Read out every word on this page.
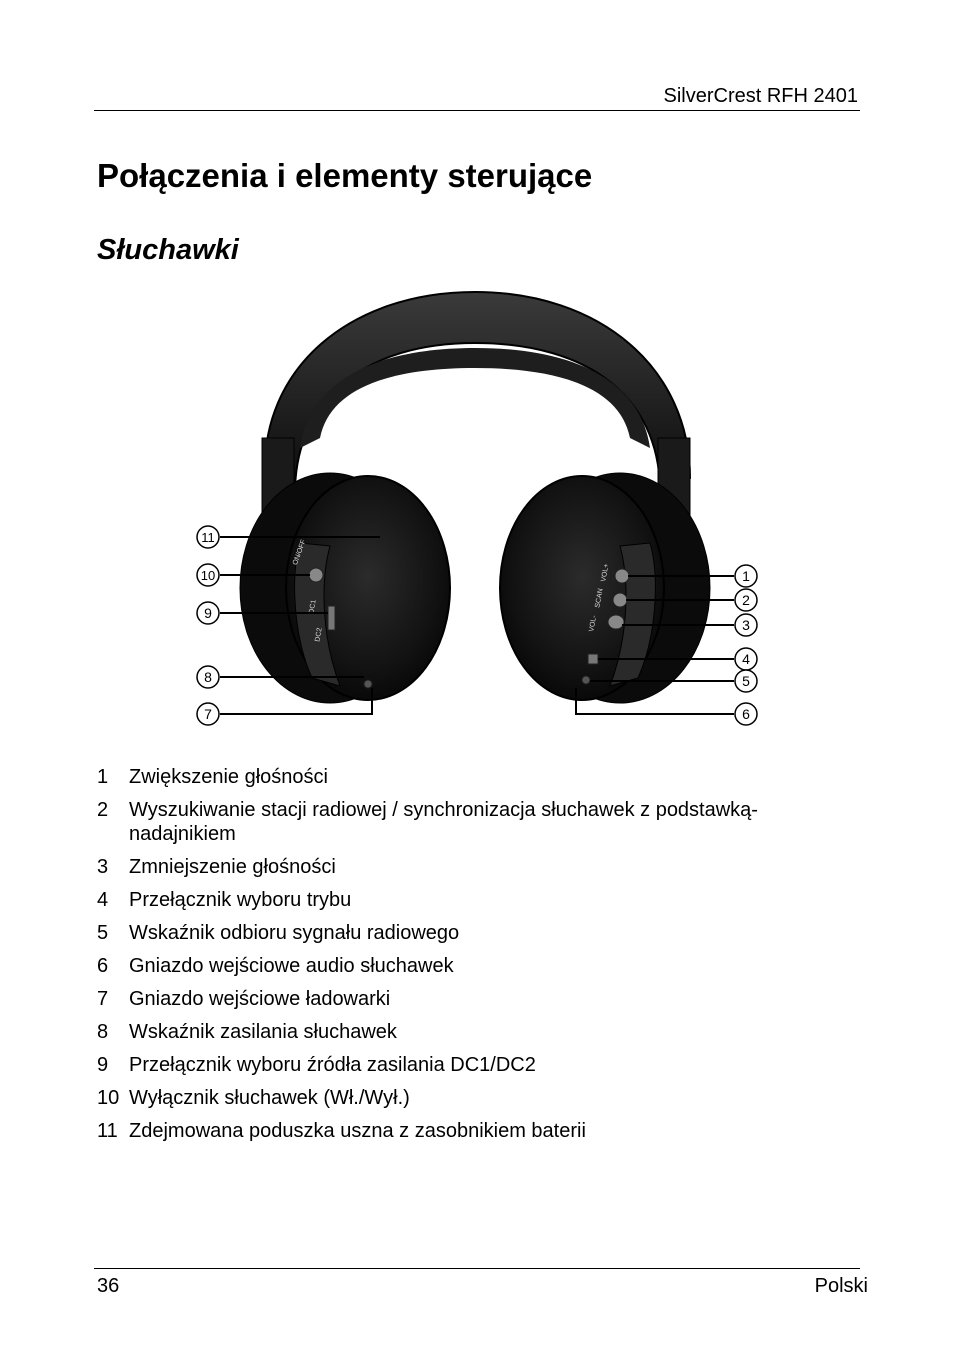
SilverCrest RFH 2401
Połączenia i elementy sterujące
Słuchawki
ON/OFF
DC1
DC2
VOL+
SCAN
VOL-
11
10
9
8
7
1
2
3
4
5
6
1	Zwiększenie głośności
2	Wyszukiwanie stacji radiowej / synchronizacja słuchawek z podstawką-nadajnikiem
3	Zmniejszenie głośności
4	Przełącznik wyboru trybu
5	Wskaźnik odbioru sygnału radiowego
6	Gniazdo wejściowe audio słuchawek
7	Gniazdo wejściowe ładowarki
8	Wskaźnik zasilania słuchawek
9	Przełącznik wyboru źródła zasilania DC1/DC2
10 Wyłącznik słuchawek (Wł./Wył.)
11 Zdejmowana poduszka uszna z zasobnikiem baterii
36	Polski
